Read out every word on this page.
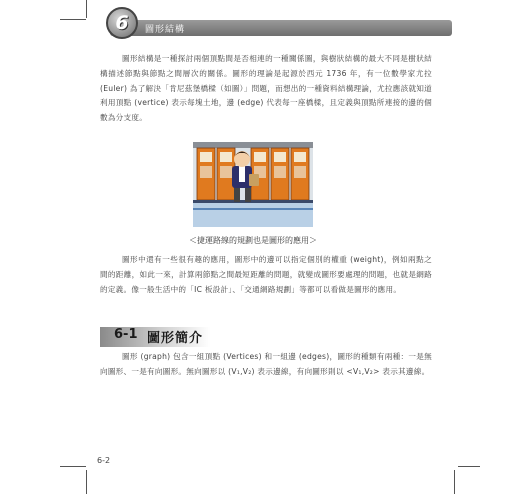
6	圖形結構

圖形結構是一種探討兩個頂點間是否相連的一種關係圖，與樹狀結構的最大不同是樹狀結構描述節點與節點之間層次的關係。圖形的理論是起源於西元 1736 年，有一位數學家尤拉 (Euler) 為了解決「肯尼茲堡橋樑（如圖）」問題，而想出的一種資料結構理論，尤拉應該就知道利用頂點 (vertice) 表示每塊土地，邊 (edge) 代表每一座橋樑，且定義與頂點所連接的邊的個數為分支度。

＜捷運路線的規劃也是圖形的應用＞

圖形中還有一些很有趣的應用，圖形中的邊可以指定個別的權重 (weight)，例如兩點之間的距離，如此一來，計算兩節點之間最短距離的問題，就變成圖形要處理的問題，也就是網路的定義。像一般生活中的「IC 板設計」、「交通網路規劃」等都可以看做是圖形的應用。

6-1 圖形簡介

圖形 (graph) 包含一組頂點 (Vertices) 和一組邊 (edges)，圖形的種類有兩種：一是無向圖形、一是有向圖形。無向圖形以 (V₁,V₂) 表示邊線，有向圖形則以 <V₁,V₂> 表示其邊線。

6-2
